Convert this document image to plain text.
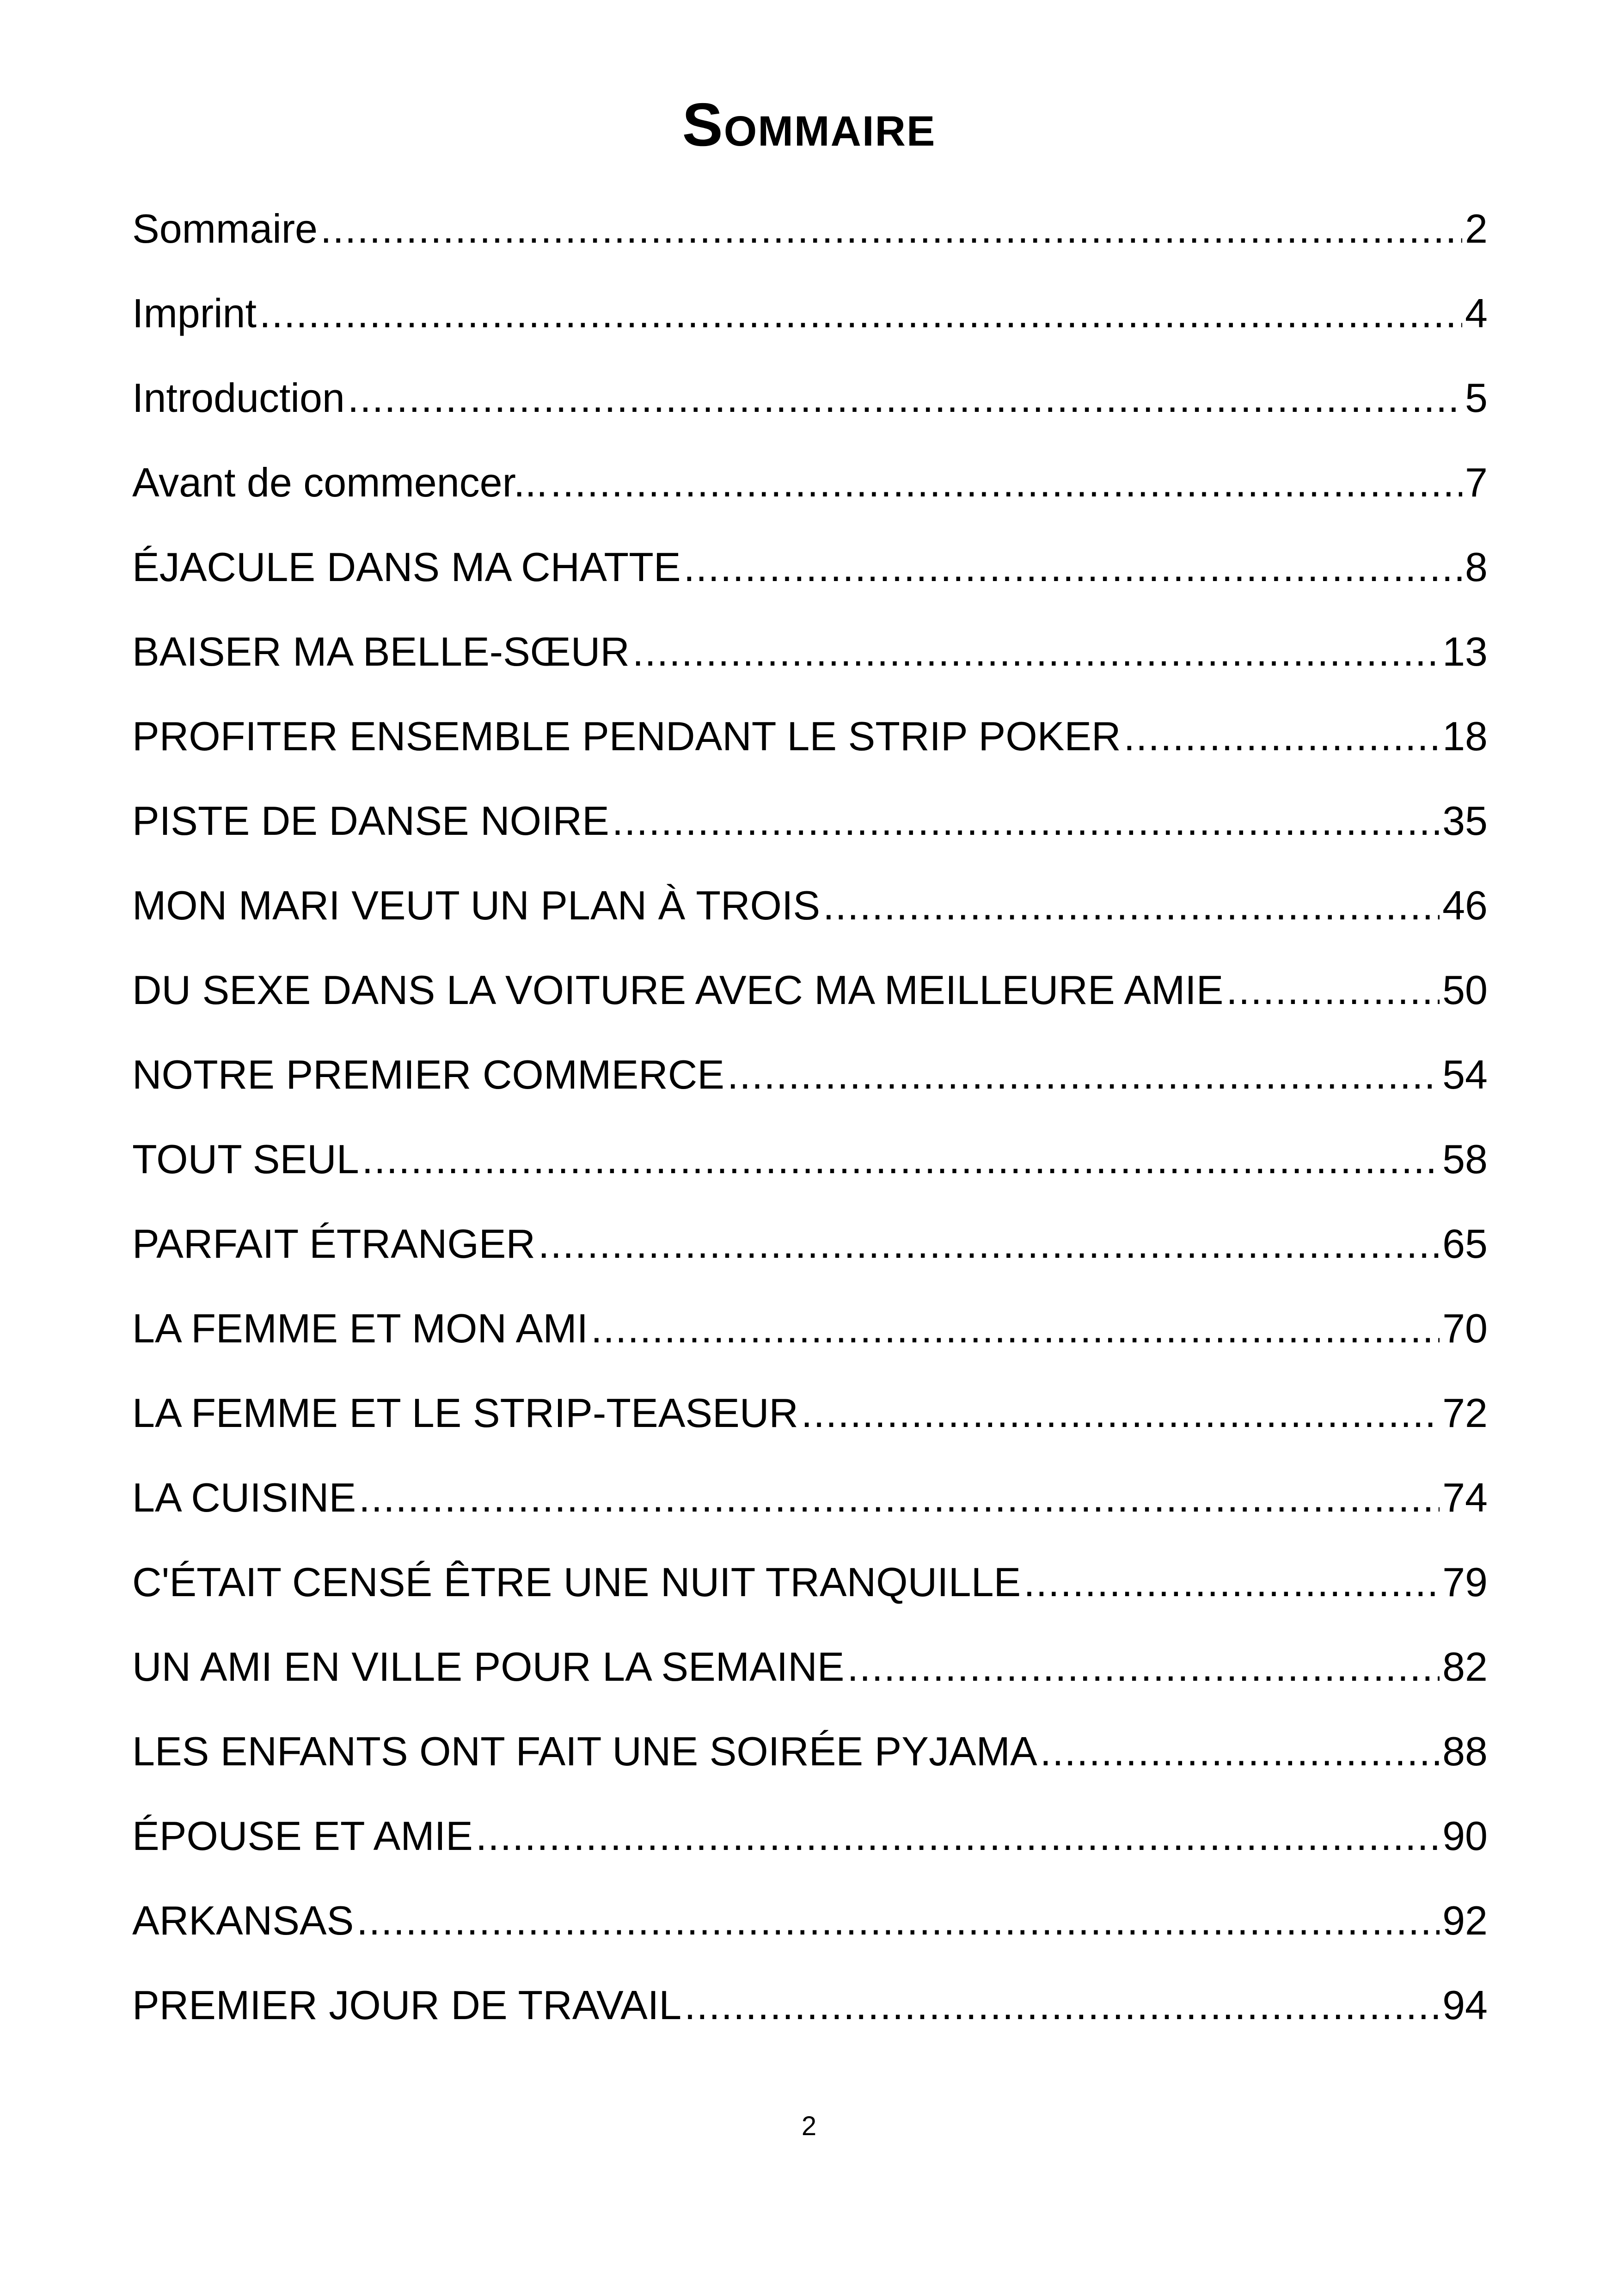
Sommaire
Sommaire .....	2
Imprint .....	4
Introduction .....	5
Avant de commencer... .....	7
ÉJACULE DANS MA CHATTE .....	8
BAISER MA BELLE-SŒUR .....	13
PROFITER ENSEMBLE PENDANT LE STRIP POKER .....	18
PISTE DE DANSE NOIRE .....	35
MON MARI VEUT UN PLAN À TROIS .....	46
DU SEXE DANS LA VOITURE AVEC MA MEILLEURE AMIE .....	50
NOTRE PREMIER COMMERCE .....	54
TOUT SEUL .....	58
PARFAIT ÉTRANGER .....	65
LA FEMME ET MON AMI .....	70
LA FEMME ET LE STRIP-TEASEUR .....	72
LA CUISINE .....	74
C'ÉTAIT CENSÉ ÊTRE UNE NUIT TRANQUILLE .....	79
UN AMI EN VILLE POUR LA SEMAINE .....	82
LES ENFANTS ONT FAIT UNE SOIRÉE PYJAMA .....	88
ÉPOUSE ET AMIE .....	90
ARKANSAS .....	92
PREMIER JOUR DE TRAVAIL .....	94
2
